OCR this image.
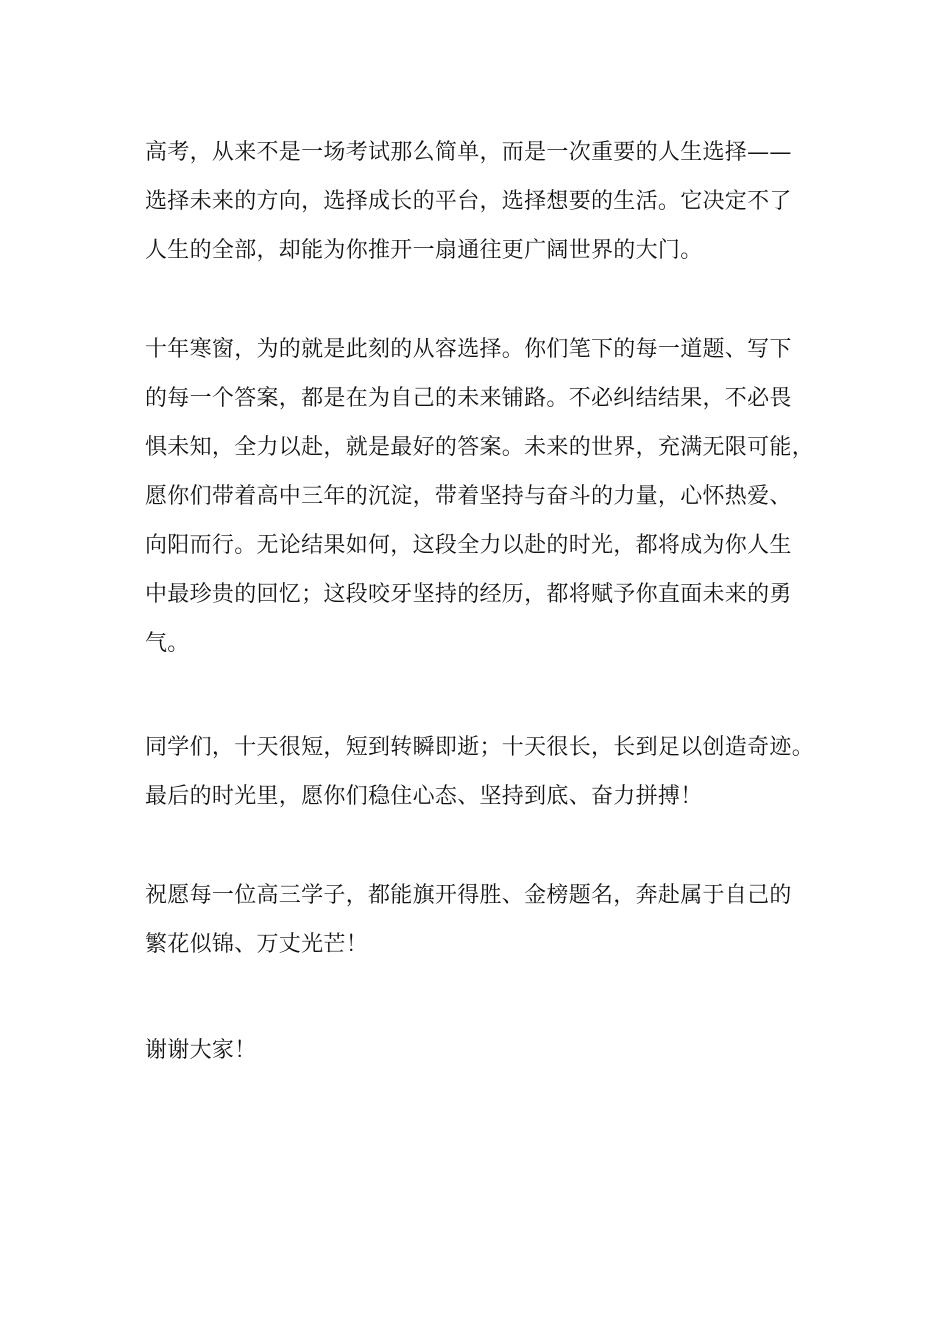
高考，从来不是一场考试那么简单，而是一次重要的人生选择——
选择未来的方向，选择成长的平台，选择想要的生活。它决定不了
人生的全部，却能为你推开一扇通往更广阔世界的大门。
十年寒窗，为的就是此刻的从容选择。你们笔下的每一道题、写下
的每一个答案，都是在为自己的未来铺路。不必纠结结果，不必畏
惧未知，全力以赴，就是最好的答案。未来的世界，充满无限可能，
愿你们带着高中三年的沉淀，带着坚持与奋斗的力量，心怀热爱、
向阳而行。无论结果如何，这段全力以赴的时光，都将成为你人生
中最珍贵的回忆；这段咬牙坚持的经历，都将赋予你直面未来的勇
气。
同学们，十天很短，短到转瞬即逝；十天很长，长到足以创造奇迹。
最后的时光里，愿你们稳住心态、坚持到底、奋力拼搏！
祝愿每一位高三学子，都能旗开得胜、金榜题名，奔赴属于自己的
繁花似锦、万丈光芒！
谢谢大家！
